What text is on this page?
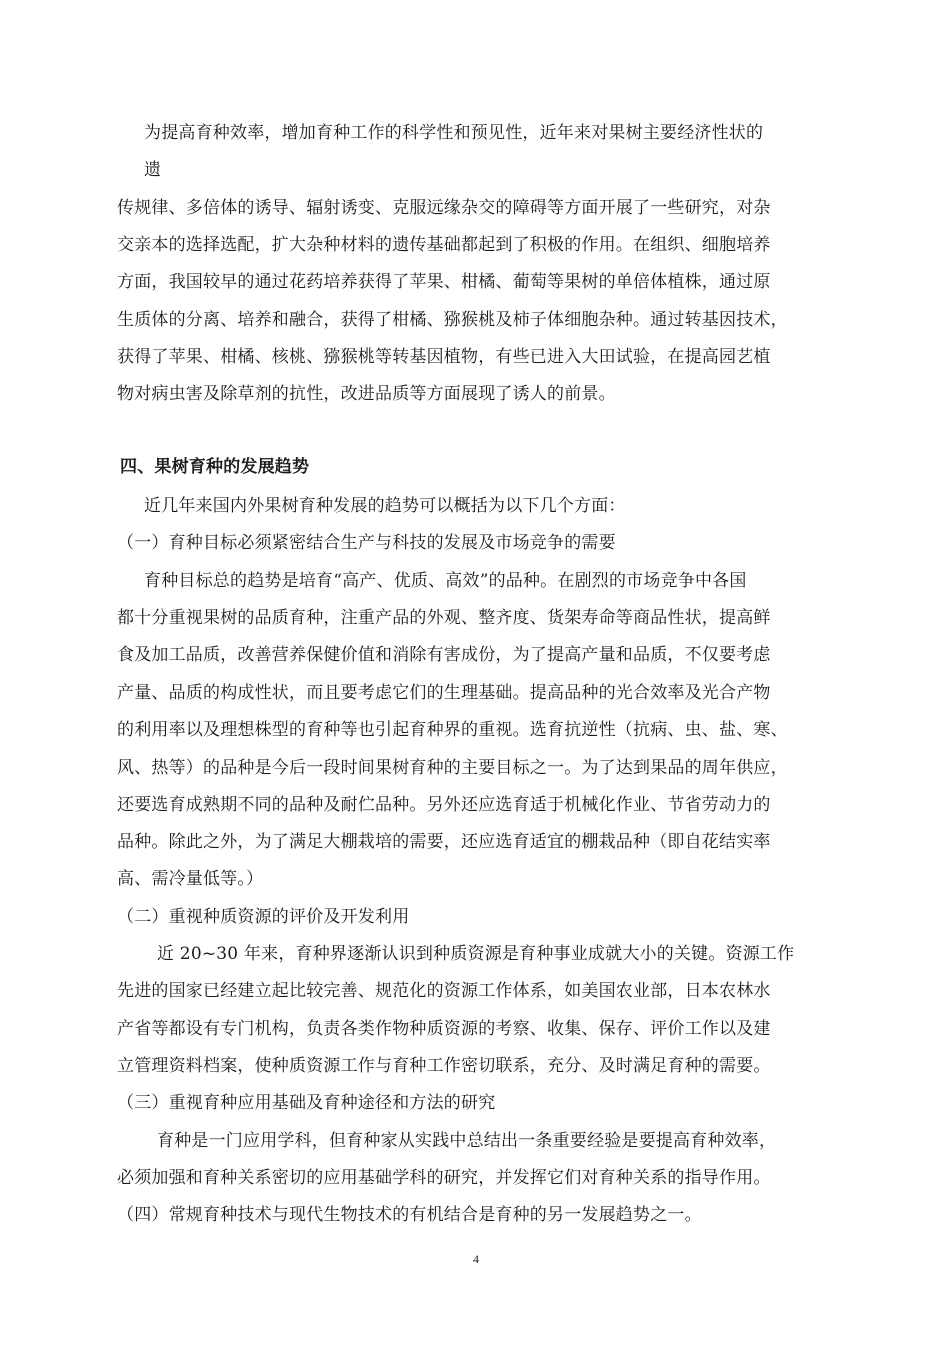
为提高育种效率，增加育种工作的科学性和预见性，近年来对果树主要经济性状的
遗
传规律、多倍体的诱导、辐射诱变、克服远缘杂交的障碍等方面开展了一些研究，对杂
交亲本的选择选配，扩大杂种材料的遗传基础都起到了积极的作用。在组织、细胞培养
方面，我国较早的通过花药培养获得了苹果、柑橘、葡萄等果树的单倍体植株，通过原
生质体的分离、培养和融合，获得了柑橘、猕猴桃及柿子体细胞杂种。通过转基因技术，
获得了苹果、柑橘、核桃、猕猴桃等转基因植物，有些已进入大田试验，在提高园艺植
物对病虫害及除草剂的抗性，改进品质等方面展现了诱人的前景。
四、果树育种的发展趋势
近几年来国内外果树育种发展的趋势可以概括为以下几个方面：
（一）育种目标必须紧密结合生产与科技的发展及市场竞争的需要
育种目标总的趋势是培育“高产、优质、高效”的品种。在剧烈的市场竞争中各国
都十分重视果树的品质育种，注重产品的外观、整齐度、货架寿命等商品性状，提高鲜
食及加工品质，改善营养保健价值和消除有害成份，为了提高产量和品质，不仅要考虑
产量、品质的构成性状，而且要考虑它们的生理基础。提高品种的光合效率及光合产物
的利用率以及理想株型的育种等也引起育种界的重视。选育抗逆性（抗病、虫、盐、寒、
风、热等）的品种是今后一段时间果树育种的主要目标之一。为了达到果品的周年供应，
还要选育成熟期不同的品种及耐伫品种。另外还应选育适于机械化作业、节省劳动力的
品种。除此之外，为了满足大棚栽培的需要，还应选育适宜的棚栽品种（即自花结实率
高、需冷量低等。）
（二）重视种质资源的评价及开发利用
近 20~30 年来，育种界逐渐认识到种质资源是育种事业成就大小的关键。资源工作
先进的国家已经建立起比较完善、规范化的资源工作体系，如美国农业部，日本农林水
产省等都设有专门机构，负责各类作物种质资源的考察、收集、保存、评价工作以及建
立管理资料档案，使种质资源工作与育种工作密切联系，充分、及时满足育种的需要。
（三）重视育种应用基础及育种途径和方法的研究
育种是一门应用学科，但育种家从实践中总结出一条重要经验是要提高育种效率，
必须加强和育种关系密切的应用基础学科的研究，并发挥它们对育种关系的指导作用。
（四）常规育种技术与现代生物技术的有机结合是育种的另一发展趋势之一。
4
